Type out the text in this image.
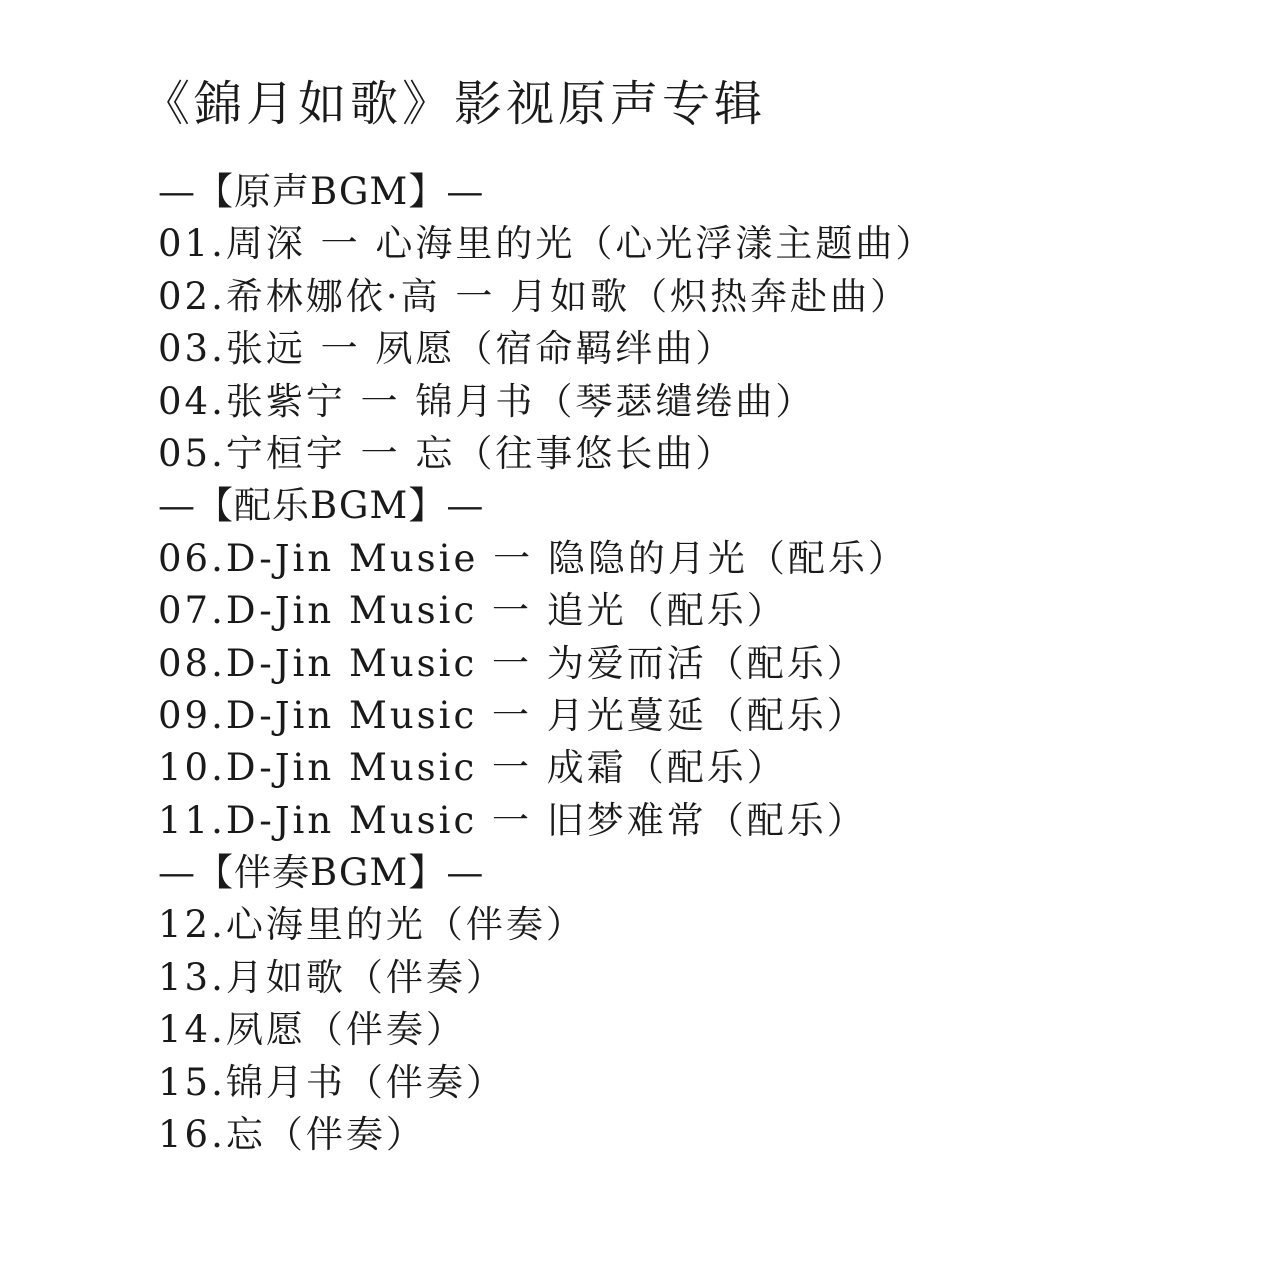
《錦月如歌》影视原声专辑
—【原声BGM】—
01.周深 一 心海里的光（心光浮漾主题曲）
02.希林娜依·高 一 月如歌（炽热奔赴曲）
03.张远 一 夙愿（宿命羁绊曲）
04.张紫宁 一 锦月书（琴瑟缱绻曲）
05.宁桓宇 一 忘（往事悠长曲）
—【配乐BGM】—
06.D-Jin Musie 一 隐隐的月光（配乐）
07.D-Jin Music 一 追光（配乐）
08.D-Jin Music 一 为爱而活（配乐）
09.D-Jin Music 一 月光蔓延（配乐）
10.D-Jin Music 一 成霜（配乐）
11.D-Jin Music 一 旧梦难常（配乐）
—【伴奏BGM】—
12.心海里的光（伴奏）
13.月如歌（伴奏）
14.夙愿（伴奏）
15.锦月书（伴奏）
16.忘（伴奏）
